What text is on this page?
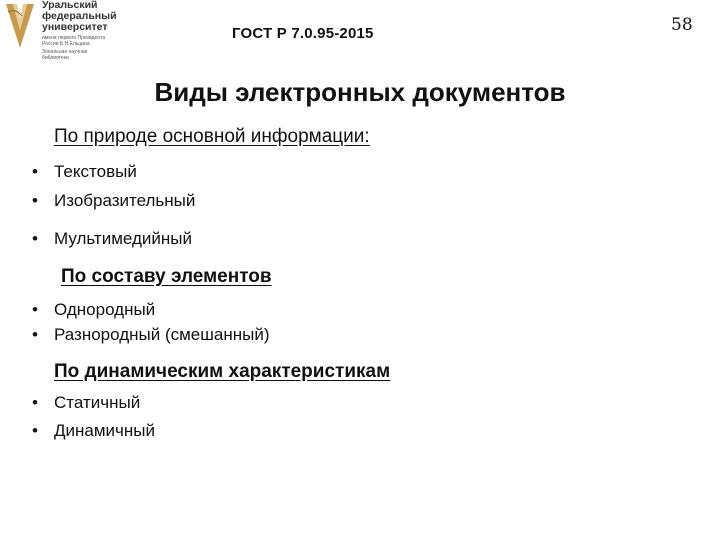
Уральский
федеральный
университет
имени первого Президента
России Б.Н.Ельцина
Зональная научная
библиотека
ГОСТ Р 7.0.95-2015	58
Виды электронных документов
По природе основной информации:
• Текстовый
• Изобразительный
• Мультимедийный
По составу элементов
• Однородный
• Разнородный (смешанный)
По динамическим характеристикам
• Статичный
• Динамичный
